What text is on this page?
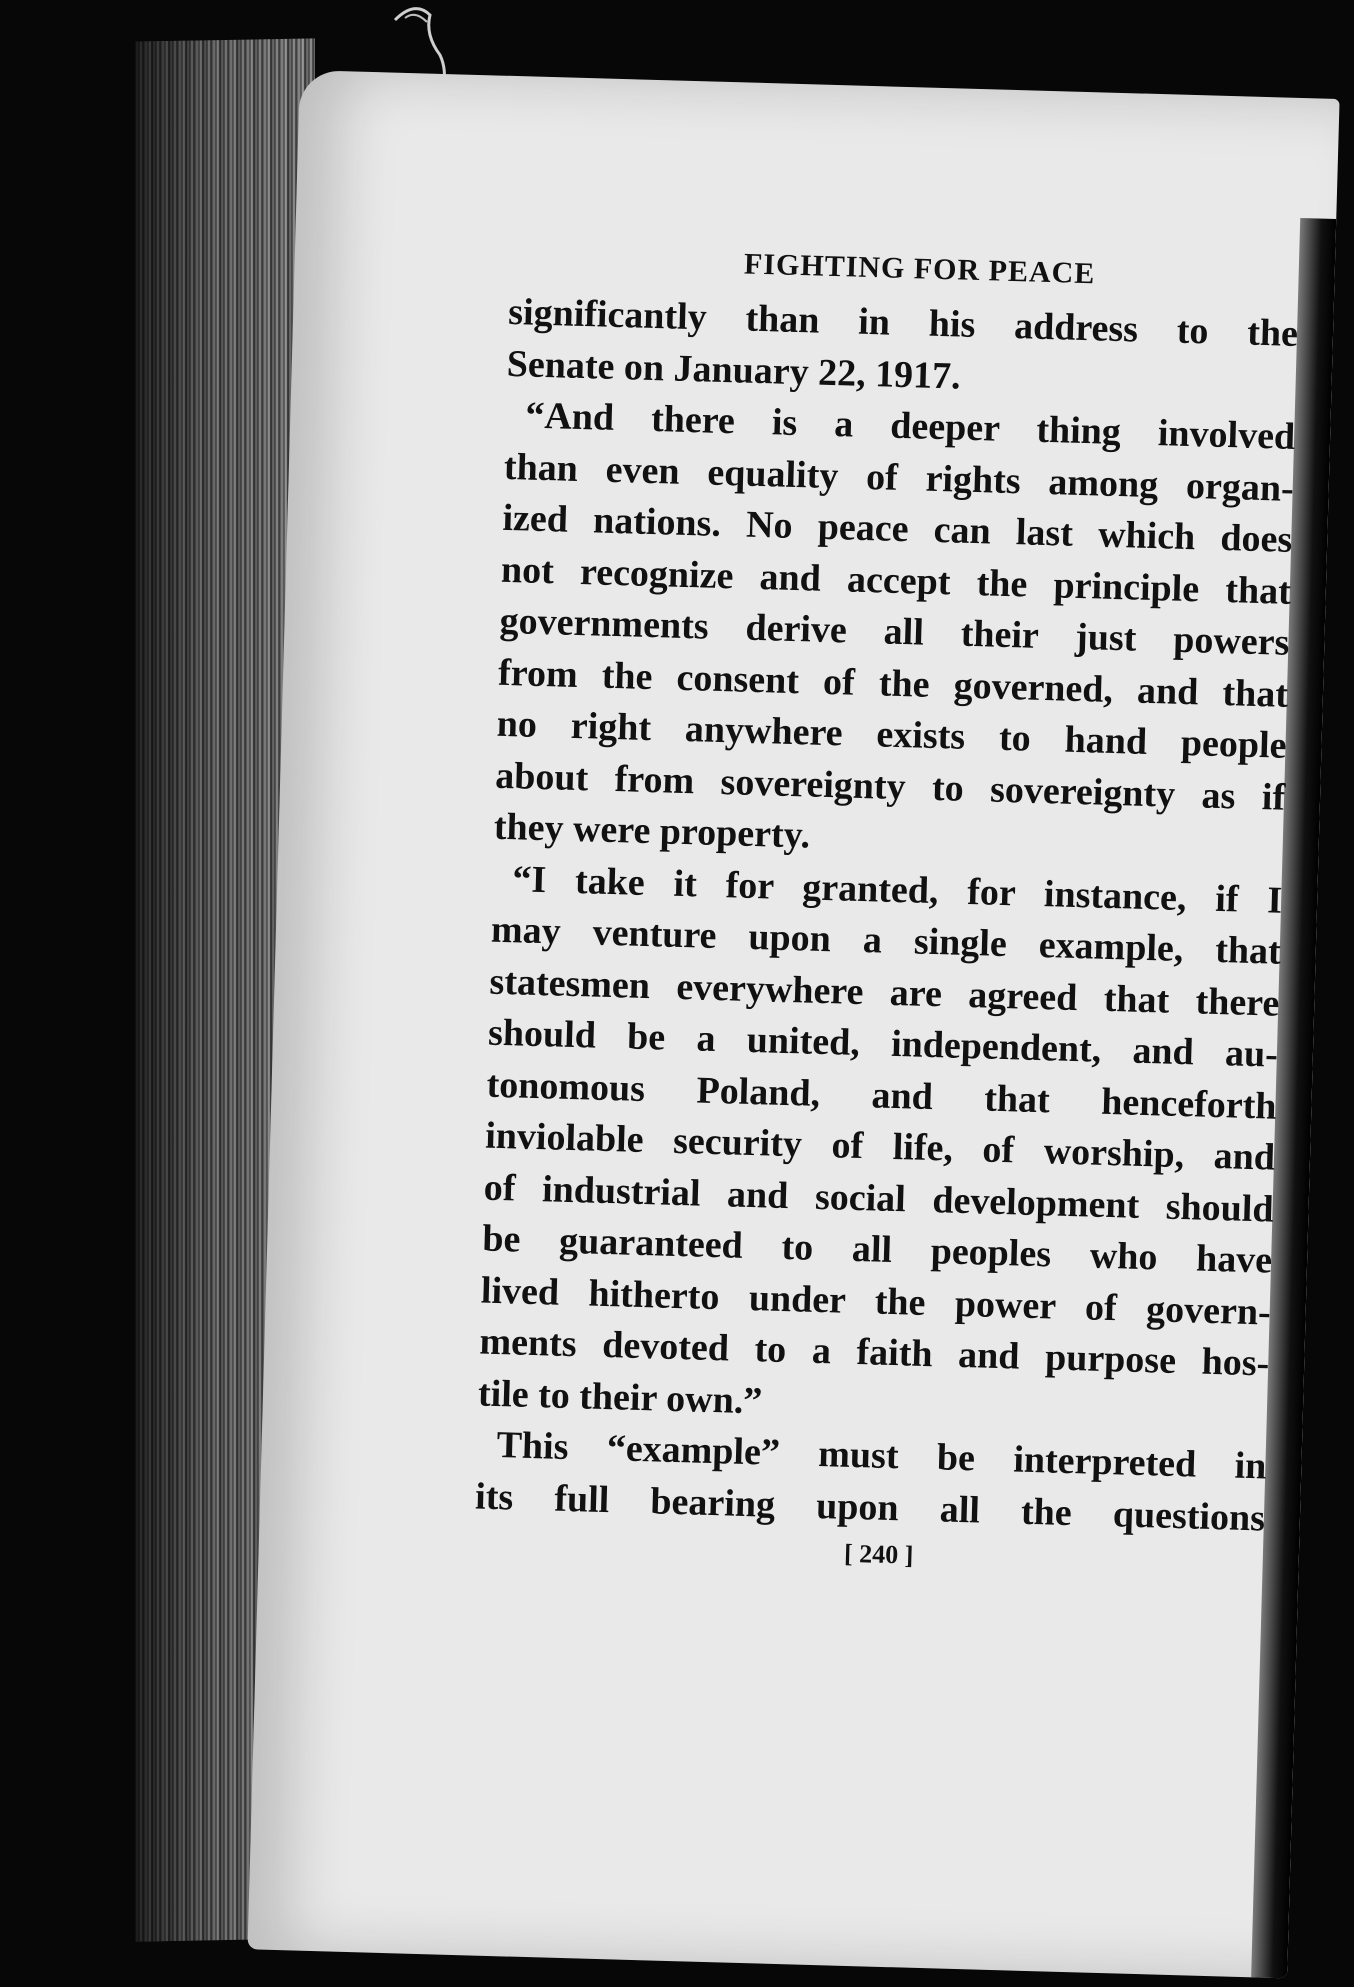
FIGHTING FOR PEACE
significantly than in his address to the
Senate on January 22, 1917.
“And there is a deeper thing involved
than even equality of rights among organ-
ized nations. No peace can last which does
not recognize and accept the principle that
governments derive all their just powers
from the consent of the governed, and that
no right anywhere exists to hand people
about from sovereignty to sovereignty as if
they were property.
“I take it for granted, for instance, if I
may venture upon a single example, that
statesmen everywhere are agreed that there
should be a united, independent, and au-
tonomous Poland, and that henceforth
inviolable security of life, of worship, and
of industrial and social development should
be guaranteed to all peoples who have
lived hitherto under the power of govern-
ments devoted to a faith and purpose hos-
tile to their own.”
This “example” must be interpreted in
its full bearing upon all the questions
[ 240 ]
